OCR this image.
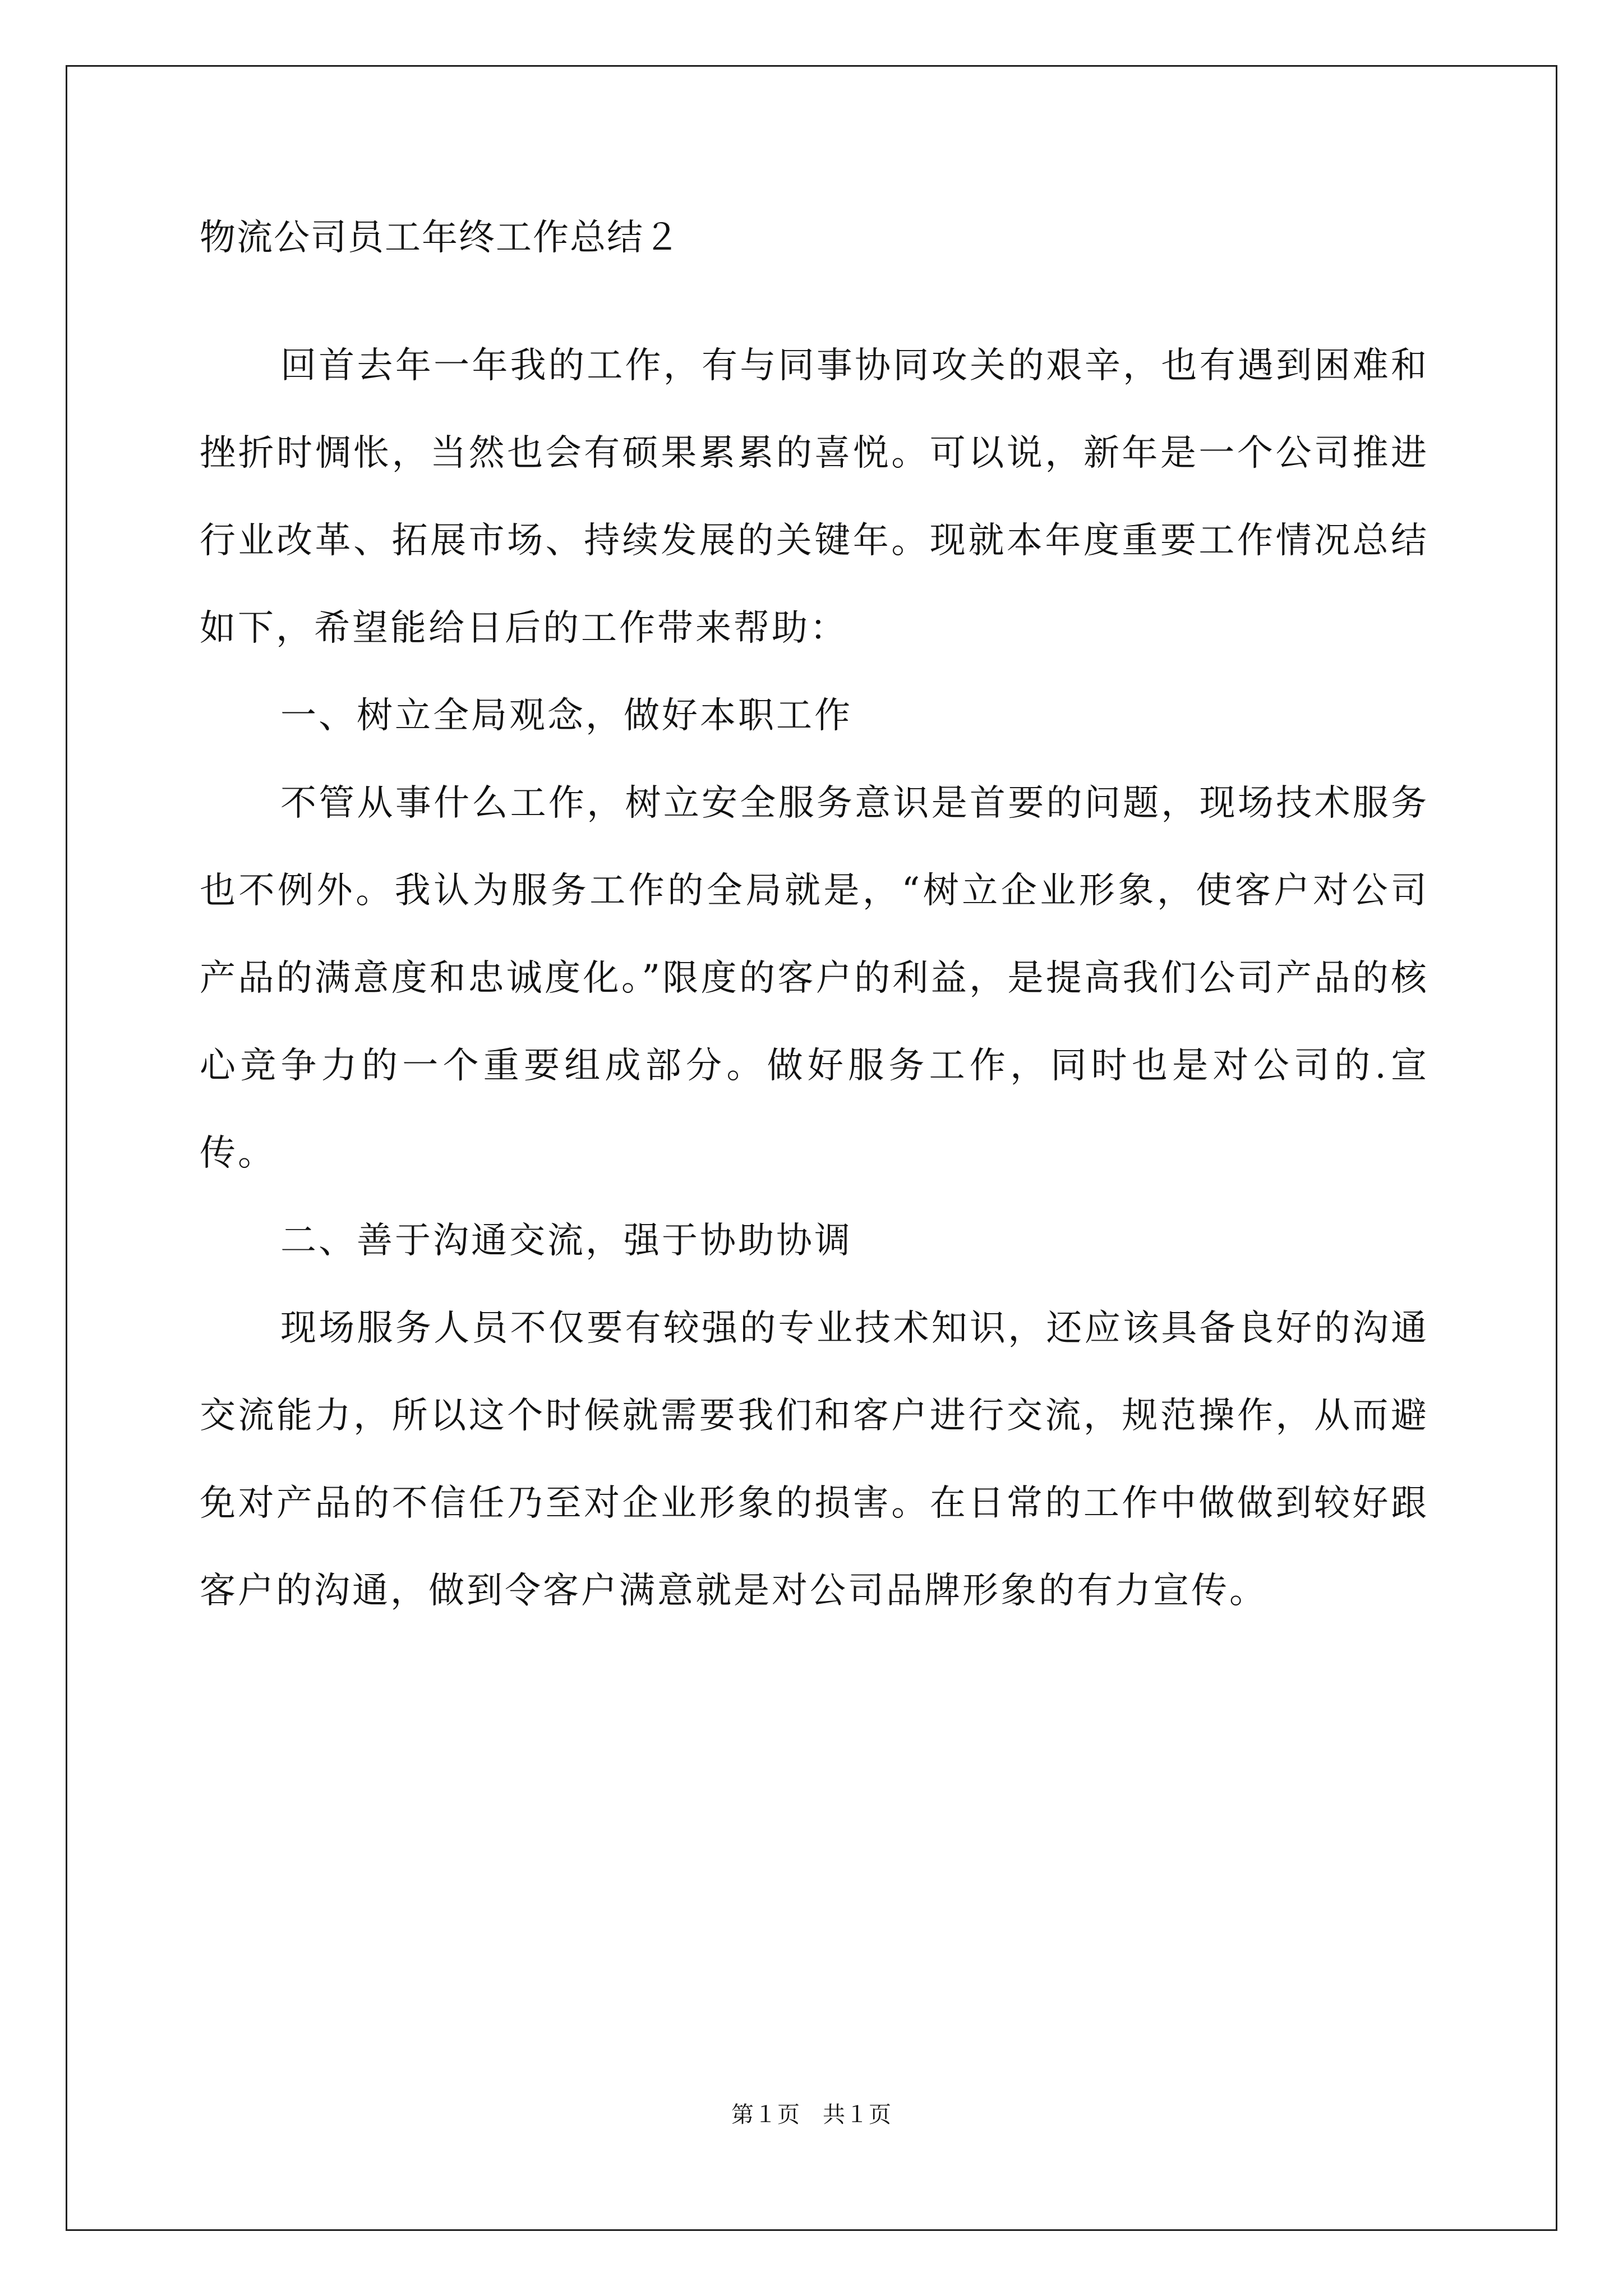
物流公司员工年终工作总结２

回首去年一年我的工作，有与同事协同攻关的艰辛，也有遇到困难和挫折时惆怅，当然也会有硕果累累的喜悦。可以说，新年是一个公司推进行业改革、拓展市场、持续发展的关键年。现就本年度重要工作情况总结如下，希望能给日后的工作带来帮助：

一、树立全局观念，做好本职工作

不管从事什么工作，树立安全服务意识是首要的问题，现场技术服务也不例外。我认为服务工作的全局就是，“树立企业形象，使客户对公司产品的满意度和忠诚度化。”限度的客户的利益，是提高我们公司产品的核心竞争力的一个重要组成部分。做好服务工作，同时也是对公司的.宣传。

二、善于沟通交流，强于协助协调

现场服务人员不仅要有较强的专业技术知识，还应该具备良好的沟通交流能力，所以这个时候就需要我们和客户进行交流，规范操作，从而避免对产品的不信任乃至对企业形象的损害。在日常的工作中做做到较好跟客户的沟通，做到令客户满意就是对公司品牌形象的有力宣传。

第１页 共１页
